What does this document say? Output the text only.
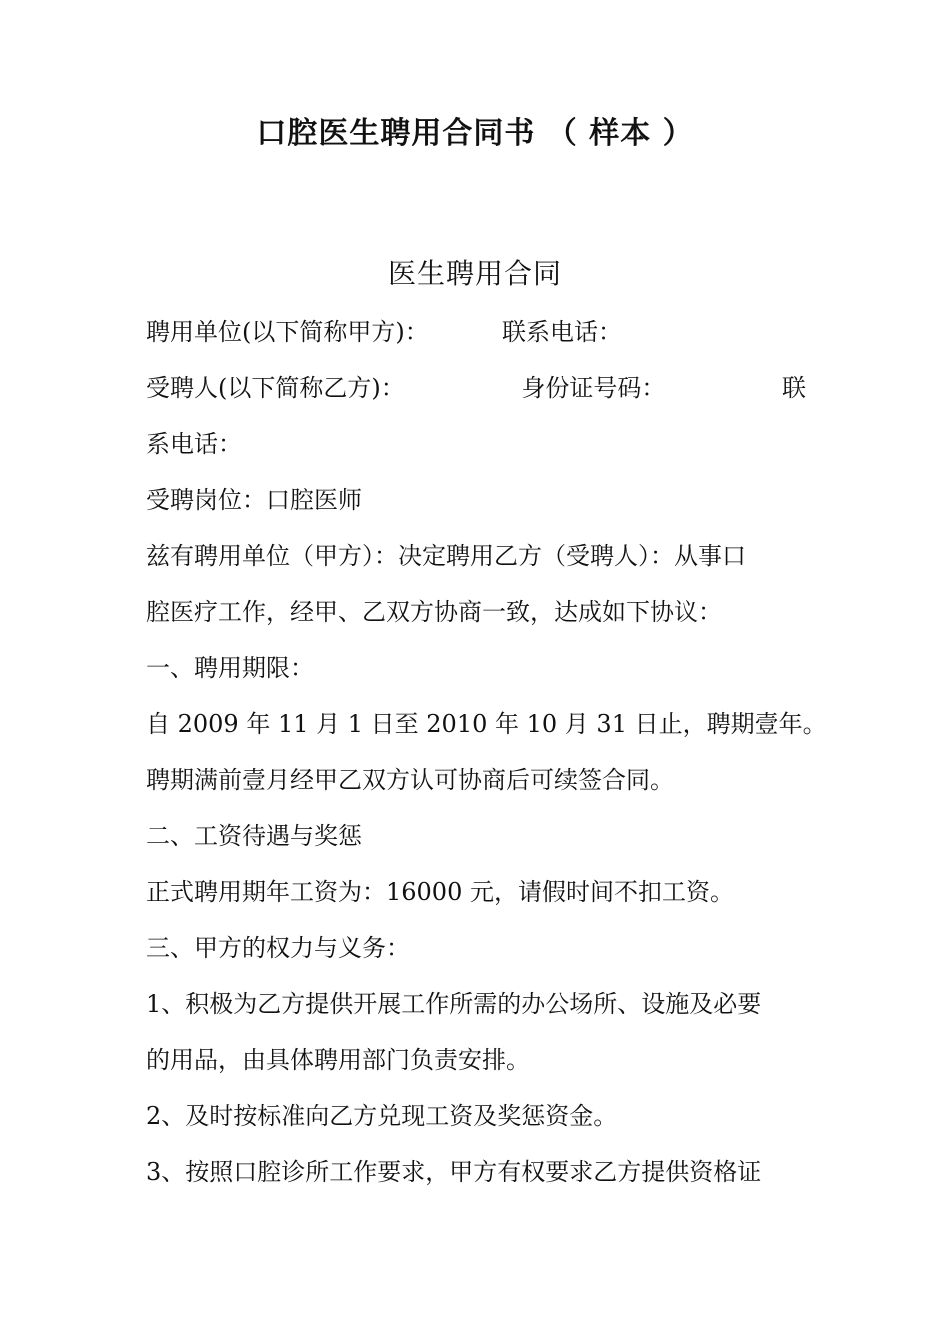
口腔医生聘用合同书 （ 样本 ）
医生聘用合同
聘用单位(以下简称甲方)：	联系电话：
受聘人(以下简称乙方)：	身份证号码：	联
系电话：
受聘岗位：口腔医师
兹有聘用单位（甲方）：决定聘用乙方（受聘人）：从事口
腔医疗工作，经甲、乙双方协商一致，达成如下协议：
一、聘用期限：
自 2009 年 11 月 1 日至 2010 年 10 月 31 日止，聘期壹年。
聘期满前壹月经甲乙双方认可协商后可续签合同。
二、工资待遇与奖惩
正式聘用期年工资为：16000 元，请假时间不扣工资。
三、甲方的权力与义务：
1、积极为乙方提供开展工作所需的办公场所、设施及必要
的用品，由具体聘用部门负责安排。
2、及时按标准向乙方兑现工资及奖惩资金。
3、按照口腔诊所工作要求，甲方有权要求乙方提供资格证
